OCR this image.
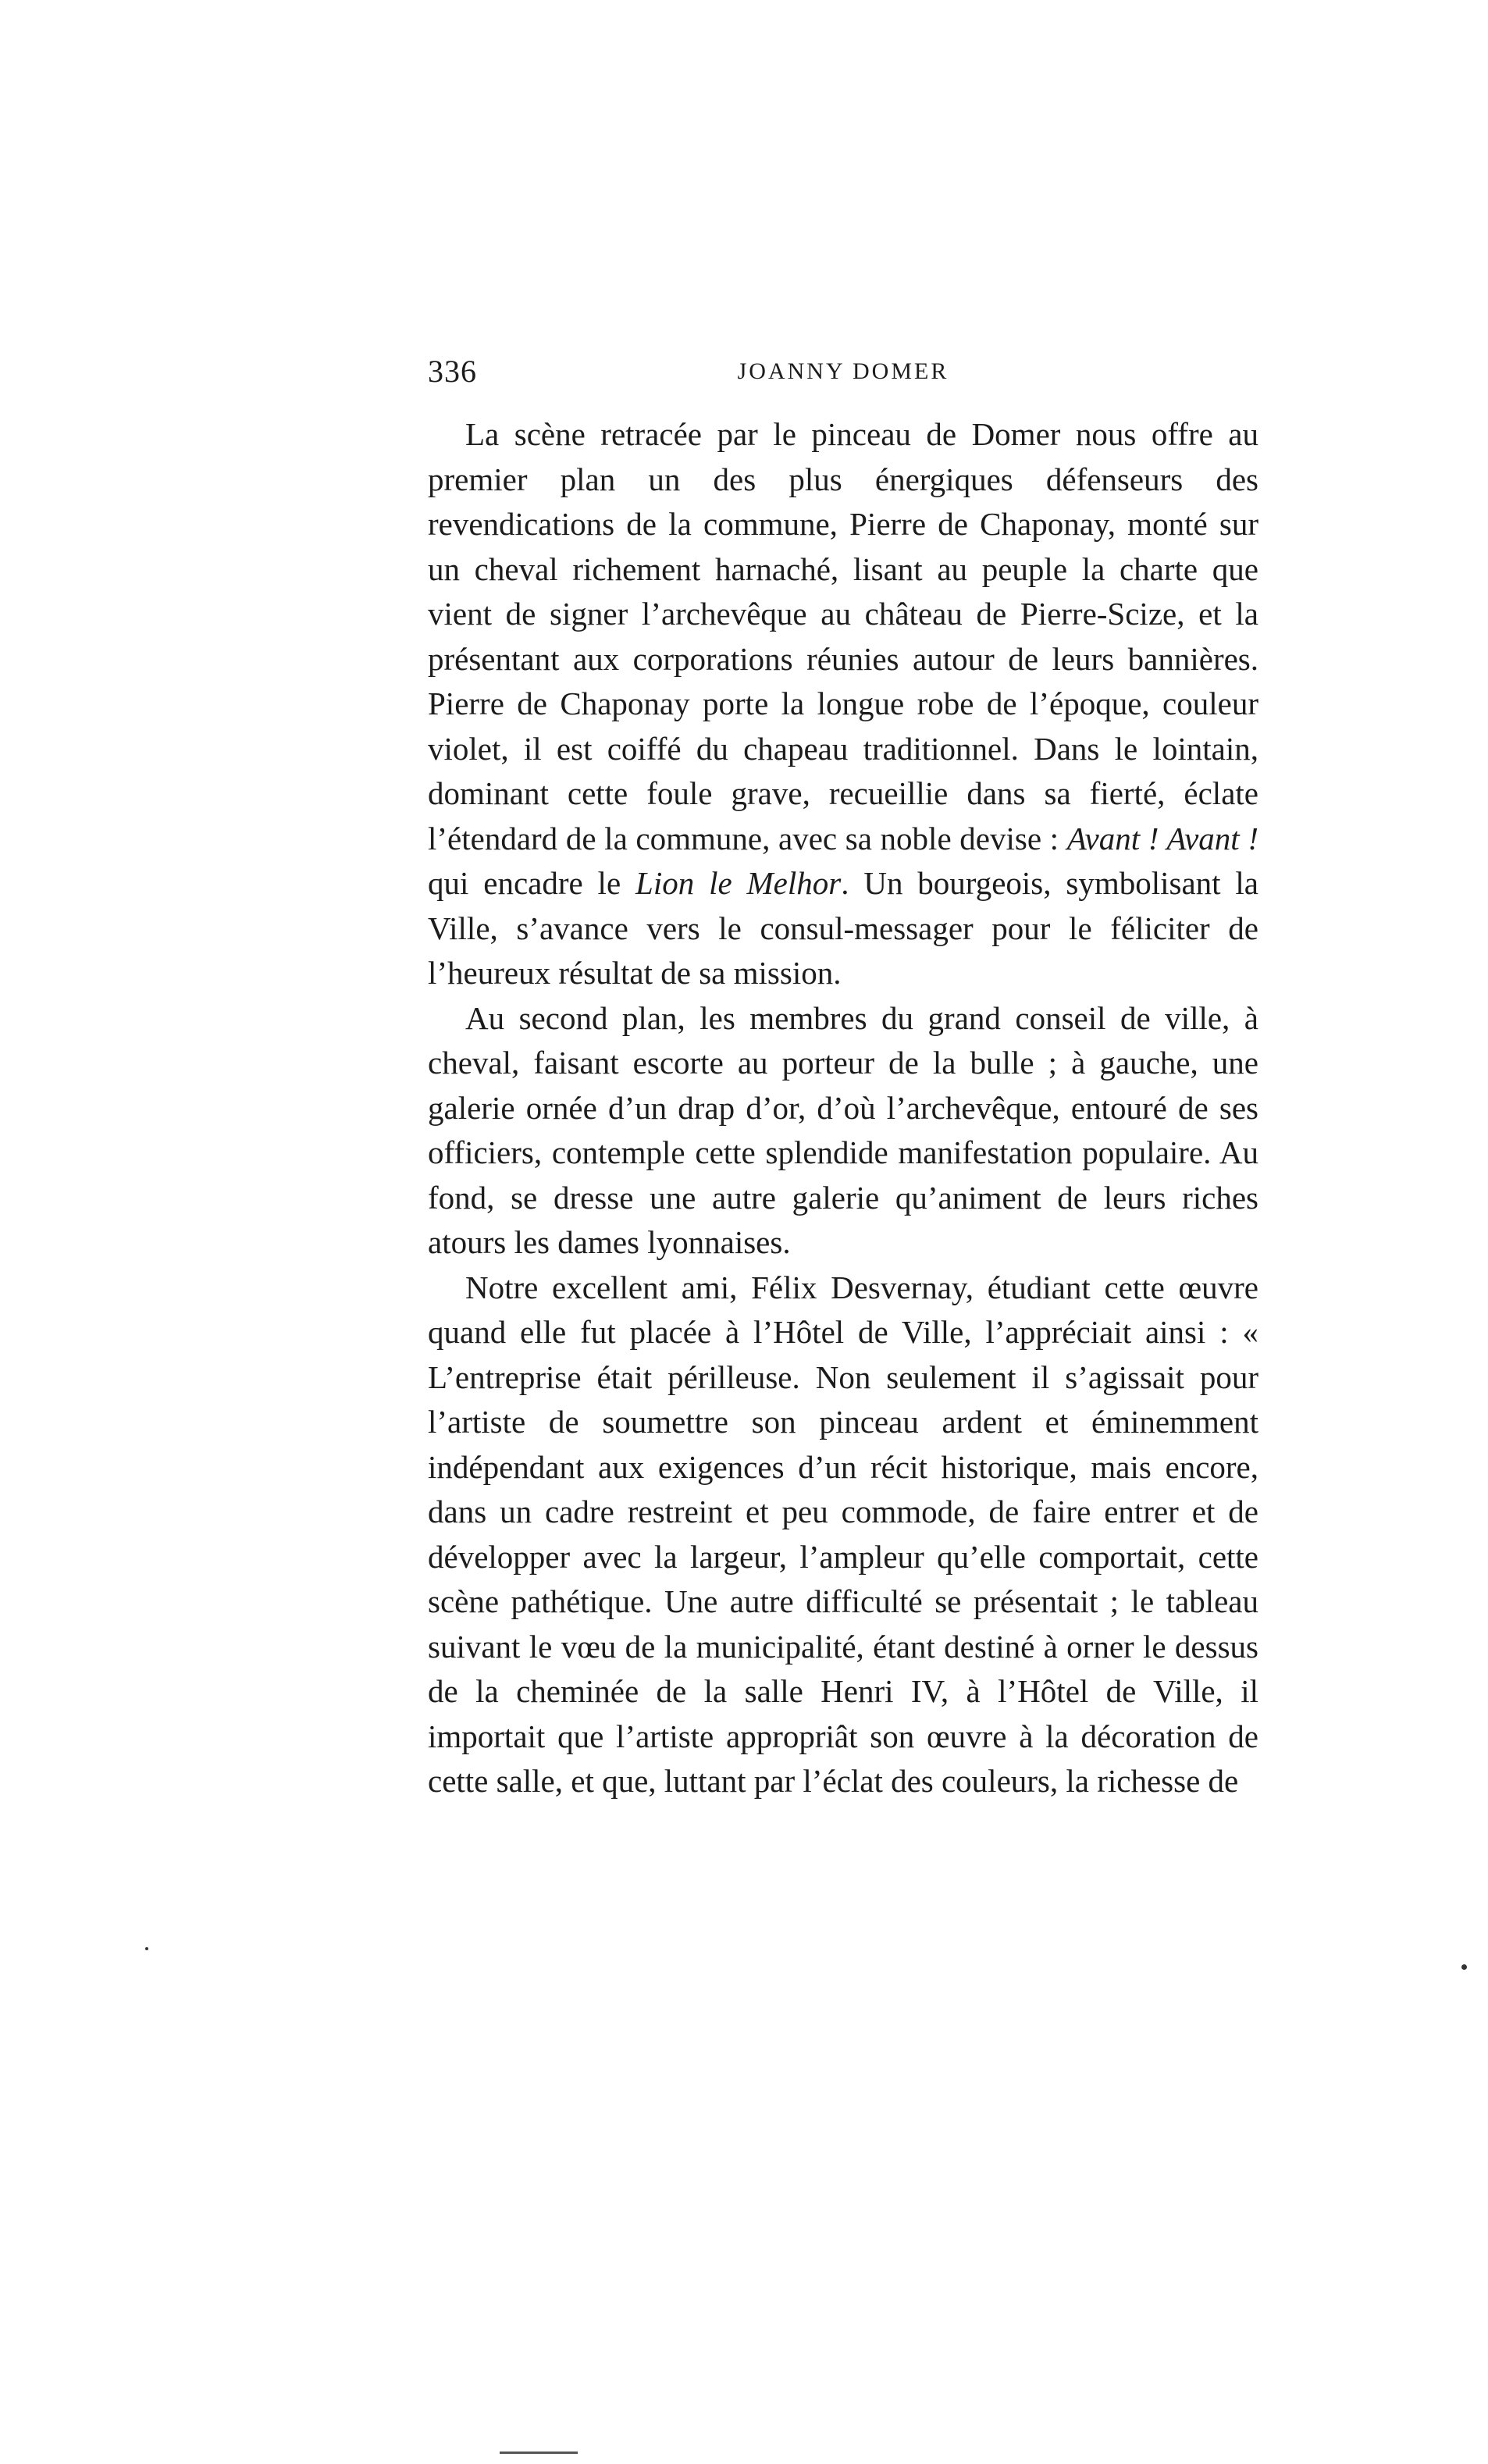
336	JOANNY DOMER

La scène retracée par le pinceau de Domer nous offre au premier plan un des plus énergiques défenseurs des revendications de la commune, Pierre de Chaponay, monté sur un cheval richement harnaché, lisant au peuple la charte que vient de signer l’archevêque au château de Pierre-Scize, et la présentant aux corporations réunies autour de leurs bannières. Pierre de Chaponay porte la longue robe de l’époque, couleur violet, il est coiffé du chapeau traditionnel. Dans le lointain, dominant cette foule grave, recueillie dans sa fierté, éclate l’étendard de la commune, avec sa noble devise : Avant ! Avant ! qui encadre le Lion le Melhor. Un bourgeois, symbolisant la Ville, s’avance vers le consul-messager pour le féliciter de l’heureux résultat de sa mission.

Au second plan, les membres du grand conseil de ville, à cheval, faisant escorte au porteur de la bulle ; à gauche, une galerie ornée d’un drap d’or, d’où l’archevêque, entouré de ses officiers, contemple cette splendide manifestation populaire. Au fond, se dresse une autre galerie qu’animent de leurs riches atours les dames lyonnaises.

Notre excellent ami, Félix Desvernay, étudiant cette œuvre quand elle fut placée à l’Hôtel de Ville, l’appréciait ainsi : « L’entreprise était périlleuse. Non seulement il s’agissait pour l’artiste de soumettre son pinceau ardent et éminemment indépendant aux exigences d’un récit historique, mais encore, dans un cadre restreint et peu commode, de faire entrer et de développer avec la largeur, l’ampleur qu’elle comportait, cette scène pathétique. Une autre difficulté se présentait ; le tableau suivant le vœu de la municipalité, étant destiné à orner le dessus de la cheminée de la salle Henri IV, à l’Hôtel de Ville, il importait que l’artiste appropriât son œuvre à la décoration de cette salle, et que, luttant par l’éclat des couleurs, la richesse de
